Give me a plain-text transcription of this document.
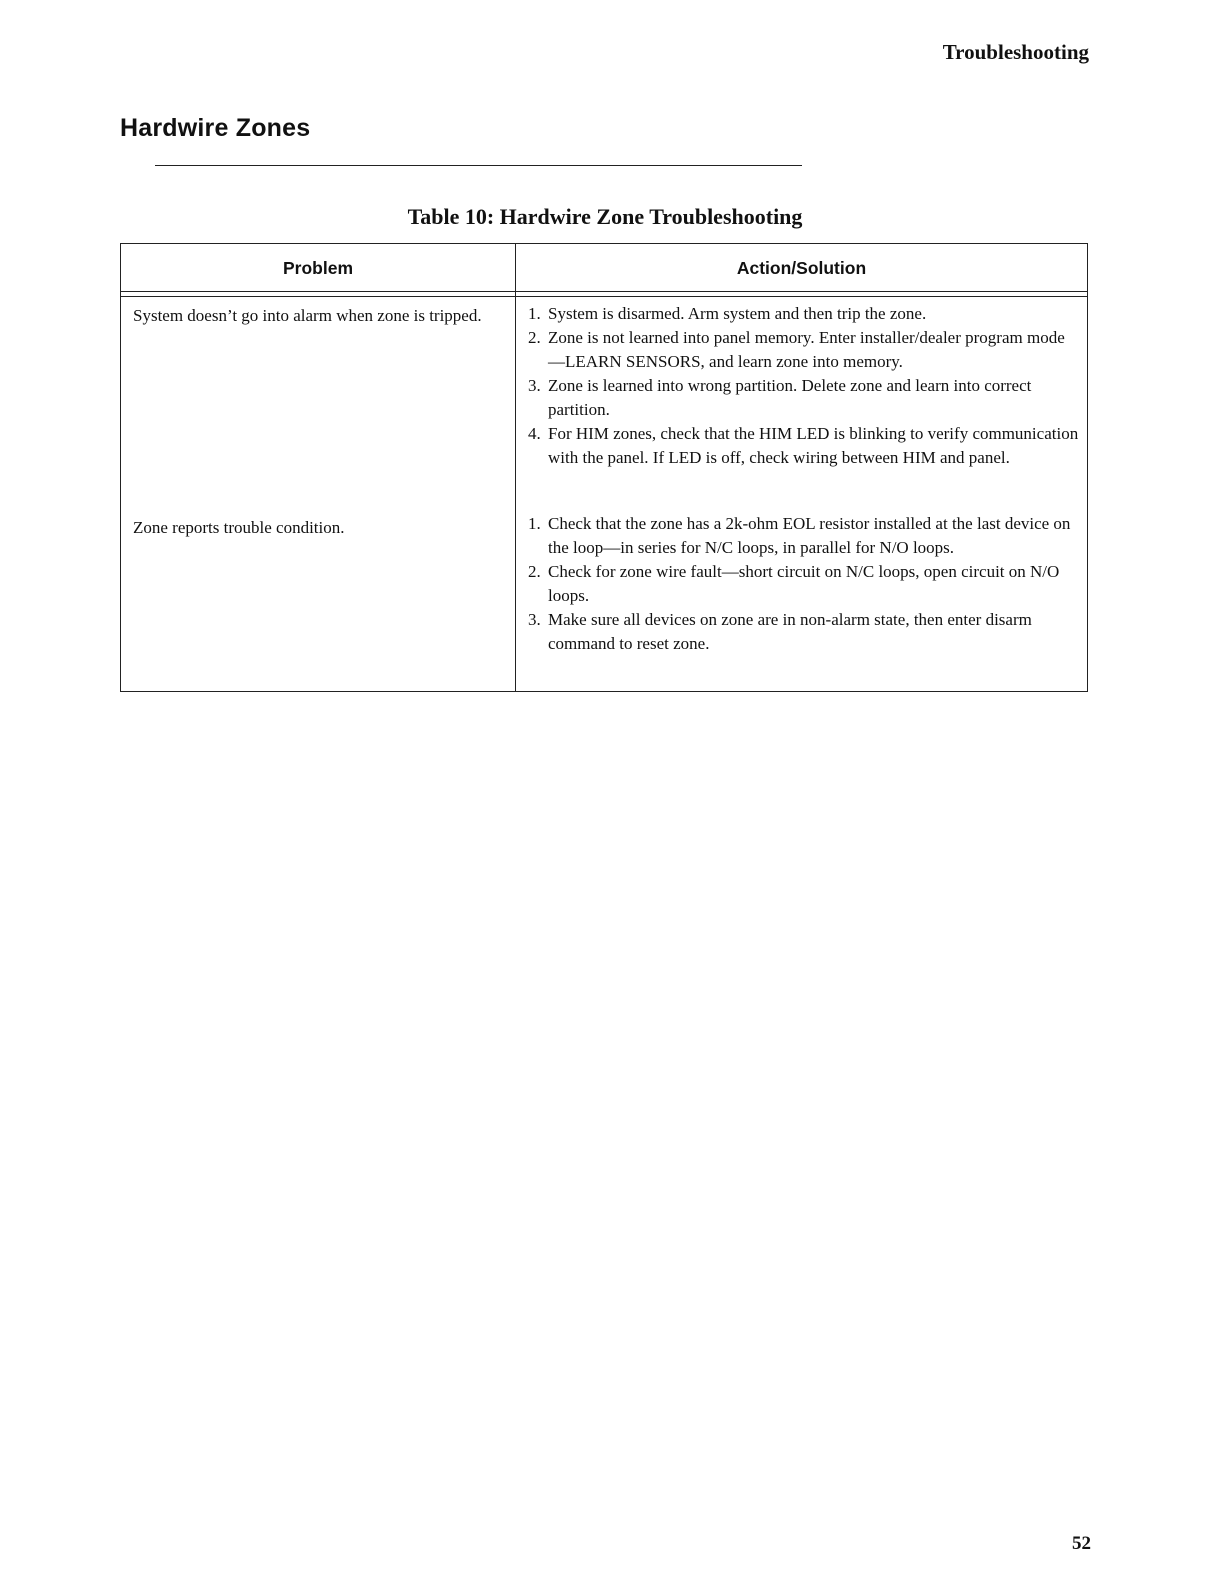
Troubleshooting
Hardwire Zones
Table 10: Hardwire Zone Troubleshooting
Problem	Action/Solution
System doesn’t go into alarm when zone is tripped.	1. System is disarmed. Arm system and then trip the zone.
2. Zone is not learned into panel memory. Enter installer/dealer program mode—LEARN SENSORS, and learn zone into memory.
3. Zone is learned into wrong partition. Delete zone and learn into correct partition.
4. For HIM zones, check that the HIM LED is blinking to verify communication with the panel. If LED is off, check wiring between HIM and panel.
Zone reports trouble condition.	1. Check that the zone has a 2k-ohm EOL resistor installed at the last device on the loop—in series for N/C loops, in parallel for N/O loops.
2. Check for zone wire fault—short circuit on N/C loops, open circuit on N/O loops.
3. Make sure all devices on zone are in non-alarm state, then enter disarm command to reset zone.
52
